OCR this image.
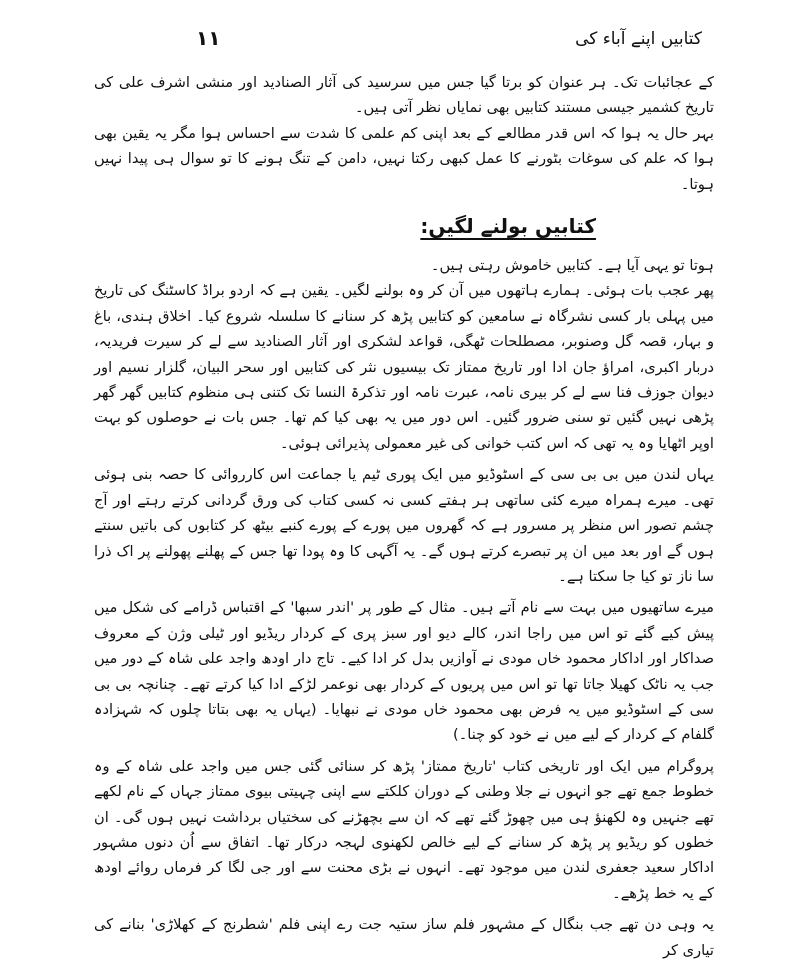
١١	کتابیں اپنے آباء کی

کے عجائبات تک۔ ہر عنوان کو برتا گیا جس میں سرسید کی آثار الصنادید اور منشی اشرف علی کی تاریخ کشمیر جیسی مستند کتابیں بھی نمایاں نظر آتی ہیں۔

بہر حال یہ ہوا کہ اس قدر مطالعے کے بعد اپنی کم علمی کا شدت سے احساس ہوا مگر یہ یقین بھی ہوا کہ علم کی سوغات بٹورنے کا عمل کبھی رکتا نہیں، دامن کے تنگ ہونے کا تو سوال ہی پیدا نہیں ہوتا۔

کتابیں بولنے لگیں:

ہوتا تو یہی آیا ہے۔ کتابیں خاموش رہتی ہیں۔

پھر عجب بات ہوئی۔ ہمارے ہاتھوں میں آن کر وہ بولنے لگیں۔ یقین ہے کہ اردو براڈ کاسٹنگ کی تاریخ میں پہلی بار کسی نشرگاہ نے سامعین کو کتابیں پڑھ کر سنانے کا سلسلہ شروع کیا۔ اخلاق ہندی، باغ و بہار، قصہ گل وصنوبر، مصطلحات ٹھگی، قواعد لشکری اور آثار الصنادید سے لے کر سیرت فریدیہ، دربار اکبری، امراؤ جان ادا اور تاریخ ممتاز تک بیسیوں نثر کی کتابیں اور سحر البیان، گلزار نسیم اور دیوان جوزف فنا سے لے کر بیری نامہ، عبرت نامہ اور تذکرۃ النسا تک کتنی ہی منظوم کتابیں گھر گھر پڑھی نہیں گئیں تو سنی ضرور گئیں۔ اس دور میں یہ بھی کیا کم تھا۔ جس بات نے حوصلوں کو بہت اوپر اٹھایا وہ یہ تھی کہ اس کتب خوانی کی غیر معمولی پذیرائی ہوئی۔

یہاں لندن میں بی بی سی کے اسٹوڈیو میں ایک پوری ٹیم یا جماعت اس کارروائی کا حصہ بنی ہوئی تھی۔ میرے ہمراہ میرے کئی ساتھی ہر ہفتے کسی نہ کسی کتاب کی ورق گردانی کرتے رہتے اور آج چشم تصور اس منظر پر مسرور ہے کہ گھروں میں پورے کے پورے کنبے بیٹھ کر کتابوں کی باتیں سنتے ہوں گے اور بعد میں ان پر تبصرے کرتے ہوں گے۔ یہ آگہی کا وہ پودا تھا جس کے پھلنے پھولنے پر اک ذرا سا ناز تو کیا جا سکتا ہے۔

میرے ساتھیوں میں بہت سے نام آتے ہیں۔ مثال کے طور پر 'اندر سبھا' کے اقتباس ڈرامے کی شکل میں پیش کیے گئے تو اس میں راجا اندر، کالے دیو اور سبز پری کے کردار ریڈیو اور ٹیلی وژن کے معروف صداکار اور اداکار محمود خاں مودی نے آوازیں بدل کر ادا کیے۔ تاج دار اودھ واجد علی شاہ کے دور میں جب یہ ناٹک کھیلا جاتا تھا تو اس میں پریوں کے کردار بھی نوعمر لڑکے ادا کیا کرتے تھے۔ چنانچہ بی بی سی کے اسٹوڈیو میں یہ فرض بھی محمود خاں مودی نے نبھایا۔ (یہاں یہ بھی بتاتا چلوں کہ شہزادہ گلفام کے کردار کے لیے میں نے خود کو چنا۔)

پروگرام میں ایک اور تاریخی کتاب 'تاریخ ممتاز' پڑھ کر سنائی گئی جس میں واجد علی شاہ کے وہ خطوط جمع تھے جو انہوں نے جلا وطنی کے دوران کلکتے سے اپنی چہیتی بیوی ممتاز جہاں کے نام لکھے تھے جنہیں وہ لکھنؤ ہی میں چھوڑ گئے تھے کہ ان سے بچھڑنے کی سختیاں برداشت نہیں ہوں گی۔ ان خطوں کو ریڈیو پر پڑھ کر سنانے کے لیے خالص لکھنوی لہجہ درکار تھا۔ اتفاق سے اُن دنوں مشہور اداکار سعید جعفری لندن میں موجود تھے۔ انہوں نے بڑی محنت سے اور جی لگا کر فرماں روائے اودھ کے یہ خط پڑھے۔

یہ وہی دن تھے جب بنگال کے مشہور فلم ساز ستیہ جت رے اپنی فلم 'شطرنج کے کھلاڑی' بنانے کی تیاری کر
